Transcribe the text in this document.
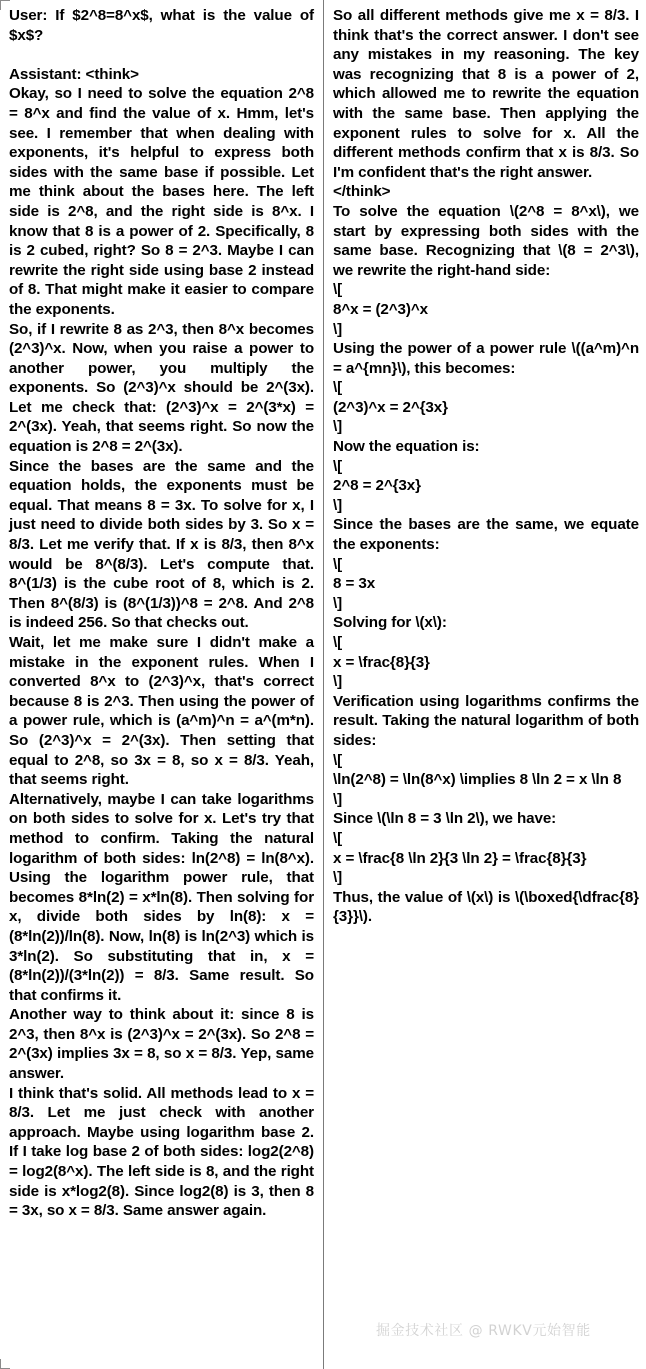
User: If $2^8=8^x$, what is the value of $x$?
Assistant: <think>
Okay, so I need to solve the equation 2^8 = 8^x and find the value of x. Hmm, let's see. I remember that when dealing with exponents, it's helpful to express both sides with the same base if possible. Let me think about the bases here. The left side is 2^8, and the right side is 8^x. I know that 8 is a power of 2. Specifically, 8 is 2 cubed, right? So 8 = 2^3. Maybe I can rewrite the right side using base 2 instead of 8. That might make it easier to compare the exponents.
So, if I rewrite 8 as 2^3, then 8^x becomes (2^3)^x. Now, when you raise a power to another power, you multiply the exponents. So (2^3)^x should be 2^(3x). Let me check that: (2^3)^x = 2^(3*x) = 2^(3x). Yeah, that seems right. So now the equation is 2^8 = 2^(3x).
Since the bases are the same and the equation holds, the exponents must be equal. That means 8 = 3x. To solve for x, I just need to divide both sides by 3. So x = 8/3. Let me verify that. If x is 8/3, then 8^x would be 8^(8/3). Let's compute that. 8^(1/3) is the cube root of 8, which is 2. Then 8^(8/3) is (8^(1/3))^8 = 2^8. And 2^8 is indeed 256. So that checks out.
Wait, let me make sure I didn't make a mistake in the exponent rules. When I converted 8^x to (2^3)^x, that's correct because 8 is 2^3. Then using the power of a power rule, which is (a^m)^n = a^(m*n). So (2^3)^x = 2^(3x). Then setting that equal to 2^8, so 3x = 8, so x = 8/3. Yeah, that seems right.
Alternatively, maybe I can take logarithms on both sides to solve for x. Let's try that method to confirm. Taking the natural logarithm of both sides: ln(2^8) = ln(8^x). Using the logarithm power rule, that becomes 8*ln(2) = x*ln(8). Then solving for x, divide both sides by ln(8): x = (8*ln(2))/ln(8). Now, ln(8) is ln(2^3) which is 3*ln(2). So substituting that in, x = (8*ln(2))/(3*ln(2)) = 8/3. Same result. So that confirms it.
Another way to think about it: since 8 is 2^3, then 8^x is (2^3)^x = 2^(3x). So 2^8 = 2^(3x) implies 3x = 8, so x = 8/3. Yep, same answer.
I think that's solid. All methods lead to x = 8/3. Let me just check with another approach. Maybe using logarithm base 2. If I take log base 2 of both sides: log2(2^8) = log2(8^x). The left side is 8, and the right side is x*log2(8). Since log2(8) is 3, then 8 = 3x, so x = 8/3. Same answer again.
So all different methods give me x = 8/3. I think that's the correct answer. I don't see any mistakes in my reasoning. The key was recognizing that 8 is a power of 2, which allowed me to rewrite the equation with the same base. Then applying the exponent rules to solve for x. All the different methods confirm that x is 8/3. So I'm confident that's the right answer.
</think>
To solve the equation \(2^8 = 8^x\), we start by expressing both sides with the same base. Recognizing that \(8 = 2^3\), we rewrite the right-hand side:
\[
8^x = (2^3)^x
\]
Using the power of a power rule \((a^m)^n = a^{mn}\), this becomes:
\[
(2^3)^x = 2^{3x}
\]
Now the equation is:
\[
2^8 = 2^{3x}
\]
Since the bases are the same, we equate the exponents:
\[
8 = 3x
\]
Solving for \(x\):
\[
x = \frac{8}{3}
\]
Verification using logarithms confirms the result. Taking the natural logarithm of both sides:
\[
\ln(2^8) = \ln(8^x) \implies 8 \ln 2 = x \ln 8
\]
Since \(\ln 8 = 3 \ln 2\), we have:
\[
x = \frac{8 \ln 2}{3 \ln 2} = \frac{8}{3}
\]
Thus, the value of \(x\) is \(\boxed{\dfrac{8}{3}}\).
掘金技术社区 @ RWKV元始智能
